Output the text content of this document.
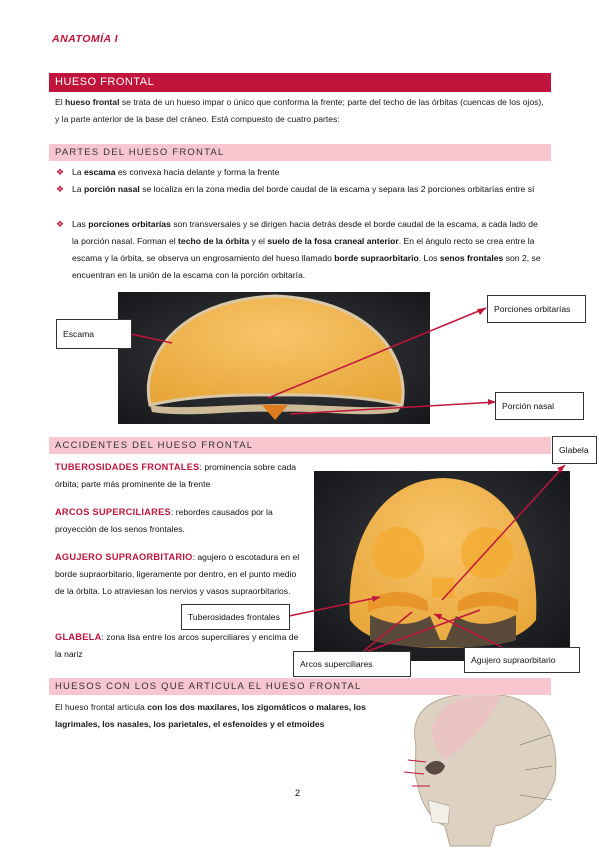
ANATOMÍA I
HUESO FRONTAL
El hueso frontal se trata de un hueso impar o único que conforma la frente; parte del techo de las órbitas (cuencas de los ojos), y la parte anterior de la base del cráneo. Está compuesto de cuatro partes:
PARTES DEL HUESO FRONTAL
❖ La escama es convexa hacia delante y forma la frente
❖ La porción nasal se localiza en la zona media del borde caudal de la escama y separa las 2 porciones orbitarías entre sí
❖ Las porciones orbitarías son transversales y se dirigen hacia detrás desde el borde caudal de la escama, a cada lado de la porción nasal. Forman el techo de la órbita y el suelo de la fosa craneal anterior. En el ángulo recto se crea entre la escama y la órbita, se observa un engrosamiento del hueso llamado borde supraorbitario. Los senos frontales son 2, se encuentran en la unión de la escama con la porción orbitaría.
Escama
Porciones orbitarías
Porción nasal
ACCIDENTES DEL HUESO FRONTAL
TUBEROSIDADES FRONTALES: prominencia sobre cada órbita; parte más prominente de la frente
ARCOS SUPERCILIARES: rebordes causados por la proyección de los senos frontales.
AGUJERO SUPRAORBITARIO: agujero o escotadura en el borde supraorbitario, ligeramente por dentro, en el punto medio de la órbita. Lo atraviesan los nervios y vasos supraorbitarios.
GLABELA: zona lisa entre los arcos superciliares y encima de la nariz
Glabela
Tuberosidades frontales
Arcos superciliares	Agujero supraorbitario
HUESOS CON LOS QUE ARTICULA EL HUESO FRONTAL
El hueso frontal articula con los dos maxilares, los zigomáticos o malares, los lagrimales, los nasales, los parietales, el esfenoides y el etmoides
2
